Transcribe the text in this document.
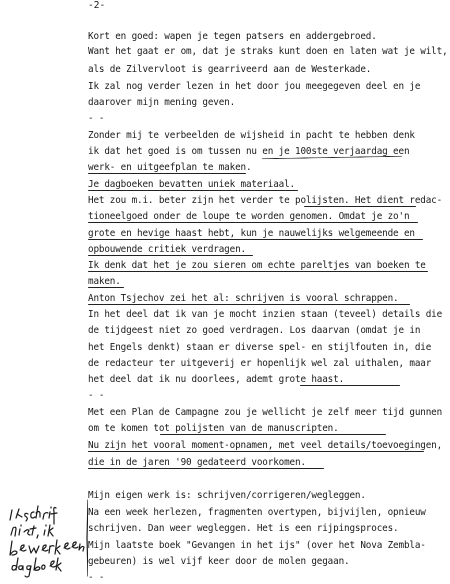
-2-
Kort en goed: wapen je tegen patsers en addergebroed.
Want het gaat er om, dat je straks kunt doen en laten wat je wilt,
als de Zilvervloot is gearriveerd aan de Westerkade.
Ik zal nog verder lezen in het door jou meegegeven deel en je
daarover mijn mening geven.
- -
Zonder mij te verbeelden de wijsheid in pacht te hebben denk
ik dat het goed is om tussen nu en je 100ste verjaardag een
werk- en uitgeefplan te maken.
Je dagboeken bevatten uniek materiaal.
Het zou m.i. beter zijn het verder te polijsten. Het dient redac-
tioneelgoed onder de loupe te worden genomen. Omdat je zo'n
grote en hevige haast hebt, kun je nauwelijks welgemeende en
opbouwende critiek verdragen.
Ik denk dat het je zou sieren om echte pareltjes van boeken te
maken.
Anton Tsjechov zei het al: schrijven is vooral schrappen.
In het deel dat ik van je mocht inzien staan (teveel) details die
de tijdgeest niet zo goed verdragen. Los daarvan (omdat je in
het Engels denkt) staan er diverse spel- en stijlfouten in, die
de redacteur ter uitgeverij er hopenlijk wel zal uithalen, maar
het deel dat ik nu doorlees, ademt grote haast.
- -
Met een Plan de Campagne zou je wellicht je zelf meer tijd gunnen
om te komen tot polijsten van de manuscripten.
Nu zijn het vooral moment-opnamen, met veel details/toevoegingen,
die in de jaren '90 gedateerd voorkomen.
Mijn eigen werk is: schrijven/corrigeren/wegleggen.
Na een week herlezen, fragmenten overtypen, bijvijlen, opnieuw
schrijven. Dan weer wegleggen. Het is een rijpingsproces.
Mijn laatste boek "Gevangen in het ijs" (over het Nova Zembla-
gebeuren) is wel vijf keer door de molen gegaan.
- -
